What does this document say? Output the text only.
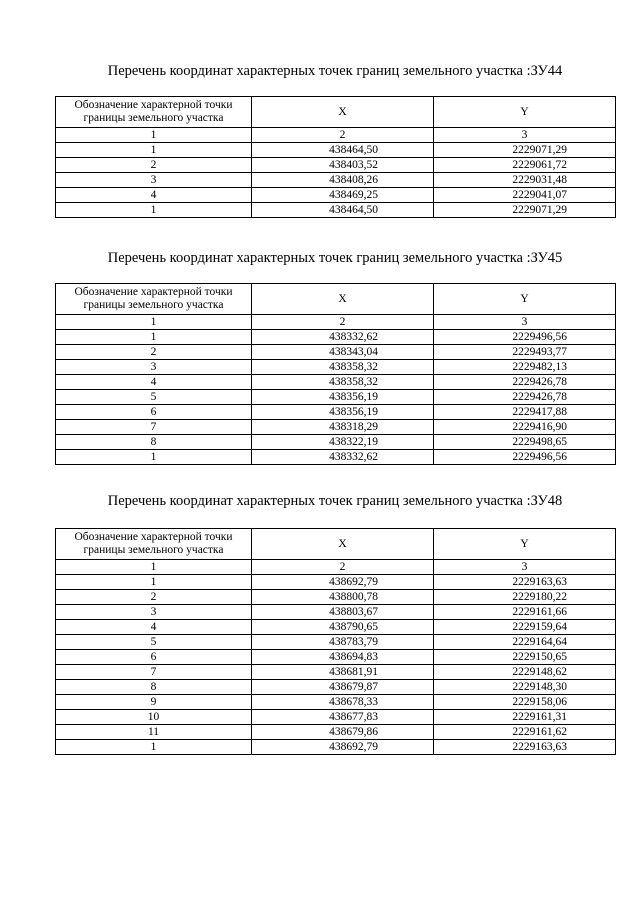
Перечень координат характерных точек границ земельного участка :ЗУ44
Обозначение характерной точки границы земельного участка	X	Y
1	2	3
1	438464,50	2229071,29
2	438403,52	2229061,72
3	438408,26	2229031,48
4	438469,25	2229041,07
1	438464,50	2229071,29
Перечень координат характерных точек границ земельного участка :ЗУ45
Обозначение характерной точки границы земельного участка	X	Y
1	2	3
1	438332,62	2229496,56
2	438343,04	2229493,77
3	438358,32	2229482,13
4	438358,32	2229426,78
5	438356,19	2229426,78
6	438356,19	2229417,88
7	438318,29	2229416,90
8	438322,19	2229498,65
1	438332,62	2229496,56
Перечень координат характерных точек границ земельного участка :ЗУ48
Обозначение характерной точки границы земельного участка	X	Y
1	2	3
1	438692,79	2229163,63
2	438800,78	2229180,22
3	438803,67	2229161,66
4	438790,65	2229159,64
5	438783,79	2229164,64
6	438694,83	2229150,65
7	438681,91	2229148,62
8	438679,87	2229148,30
9	438678,33	2229158,06
10	438677,83	2229161,31
11	438679,86	2229161,62
1	438692,79	2229163,63
